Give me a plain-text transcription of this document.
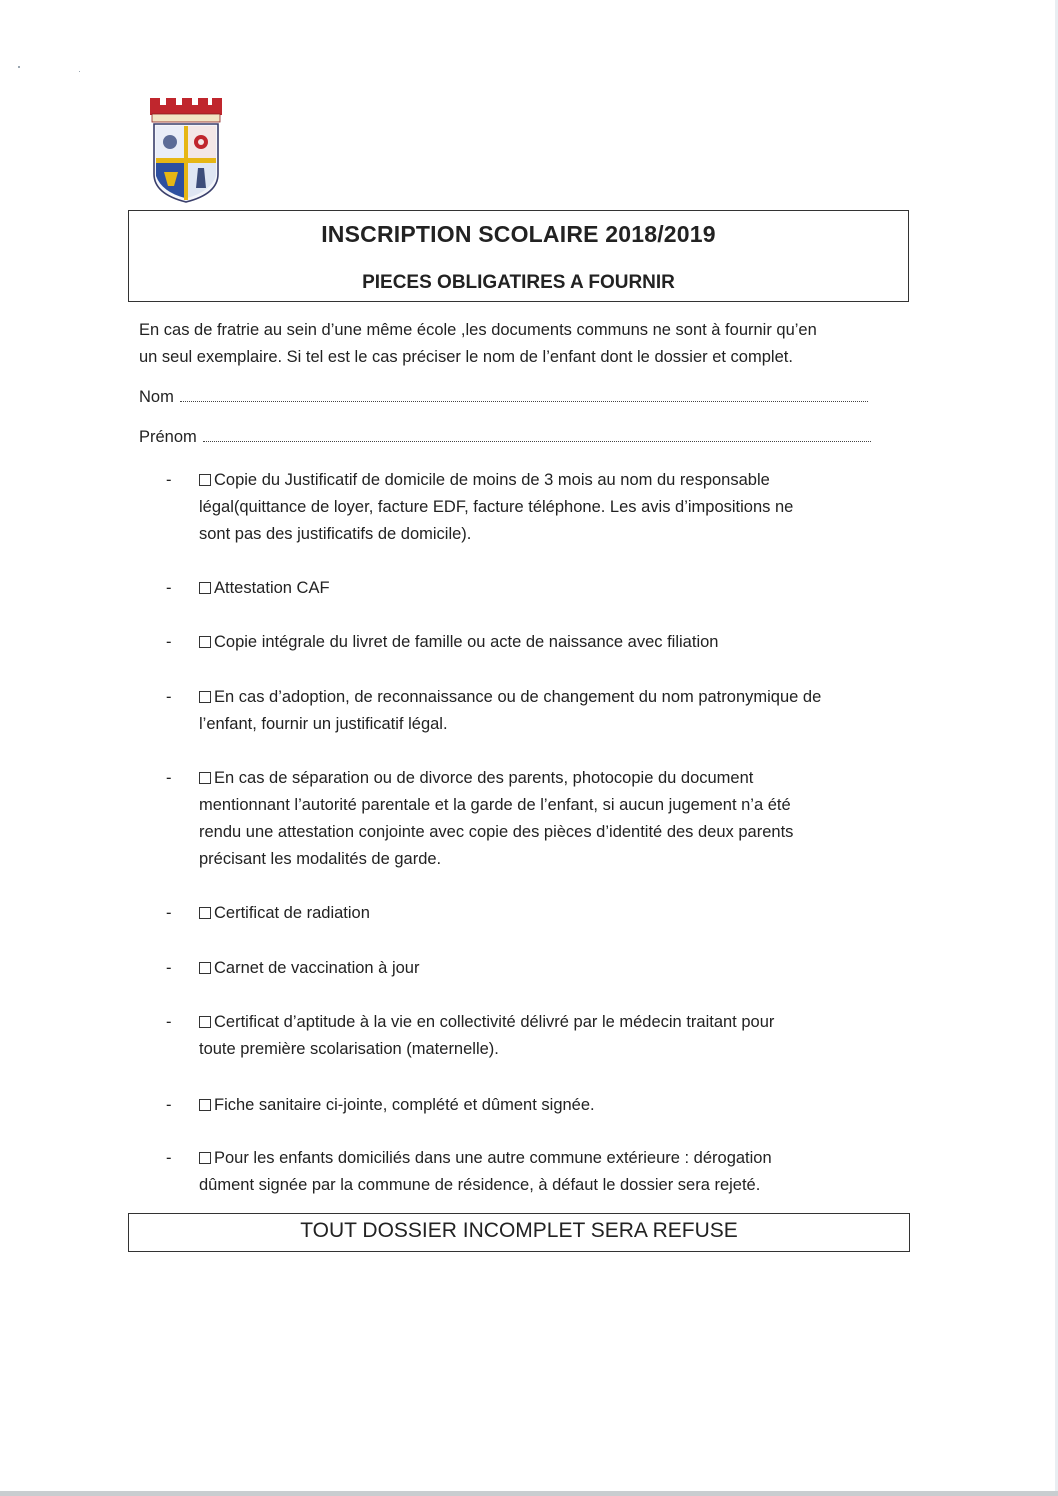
INSCRIPTION SCOLAIRE 2018/2019
PIECES OBLIGATIRES A FOURNIR
En cas de fratrie au sein d’une même école ,les documents communs ne sont à fournir qu’en
un seul exemplaire. Si tel est le cas préciser le nom de l’enfant dont le dossier et complet.
Nom
Prénom
-	Copie du Justificatif de domicile de moins de 3 mois au nom du responsable
légal(quittance de loyer, facture EDF, facture téléphone. Les avis d’impositions ne
sont pas des justificatifs de domicile).
-	Attestation CAF
-	Copie intégrale du livret de famille ou acte de naissance avec filiation
-	En cas d’adoption, de reconnaissance ou de changement du nom patronymique de
l’enfant, fournir un justificatif légal.
-	En cas de séparation ou de divorce des parents, photocopie du document
mentionnant l’autorité parentale et la garde de l’enfant, si aucun jugement n’a été
rendu une attestation conjointe avec copie des pièces d’identité des deux parents
précisant les modalités de garde.
-	Certificat de radiation
-	Carnet de vaccination à jour
-	Certificat d’aptitude à la vie en collectivité délivré par le médecin traitant pour
toute première scolarisation (maternelle).
-	Fiche sanitaire ci-jointe, complété et dûment signée.
-	Pour les enfants domiciliés dans une autre commune extérieure : dérogation
dûment signée par la commune de résidence, à défaut le dossier sera rejeté.
TOUT DOSSIER INCOMPLET SERA REFUSE
